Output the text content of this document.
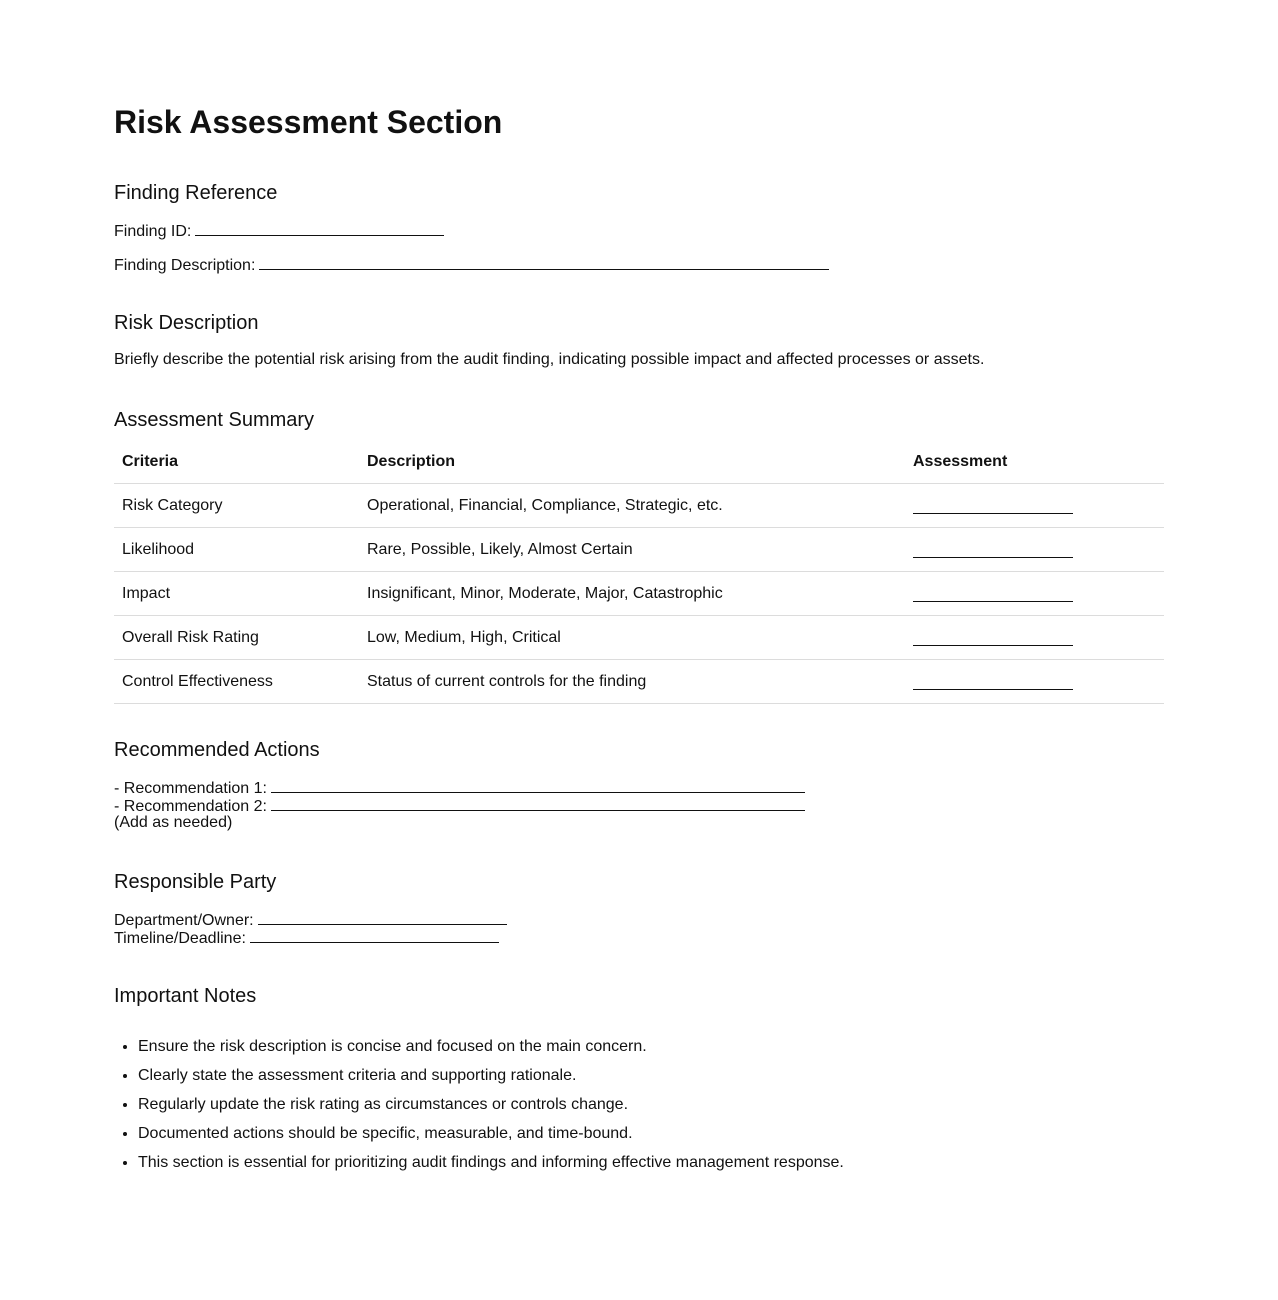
Risk Assessment Section
Finding Reference
Finding ID:
Finding Description:
Risk Description
Briefly describe the potential risk arising from the audit finding, indicating possible impact and affected processes or assets.
Assessment Summary
Criteria	Description	Assessment
Risk Category	Operational, Financial, Compliance, Strategic, etc.
Likelihood	Rare, Possible, Likely, Almost Certain
Impact	Insignificant, Minor, Moderate, Major, Catastrophic
Overall Risk Rating	Low, Medium, High, Critical
Control Effectiveness	Status of current controls for the finding
Recommended Actions
- Recommendation 1:
- Recommendation 2:
(Add as needed)
Responsible Party
Department/Owner:
Timeline/Deadline:
Important Notes
• Ensure the risk description is concise and focused on the main concern.
• Clearly state the assessment criteria and supporting rationale.
• Regularly update the risk rating as circumstances or controls change.
• Documented actions should be specific, measurable, and time-bound.
• This section is essential for prioritizing audit findings and informing effective management response.
